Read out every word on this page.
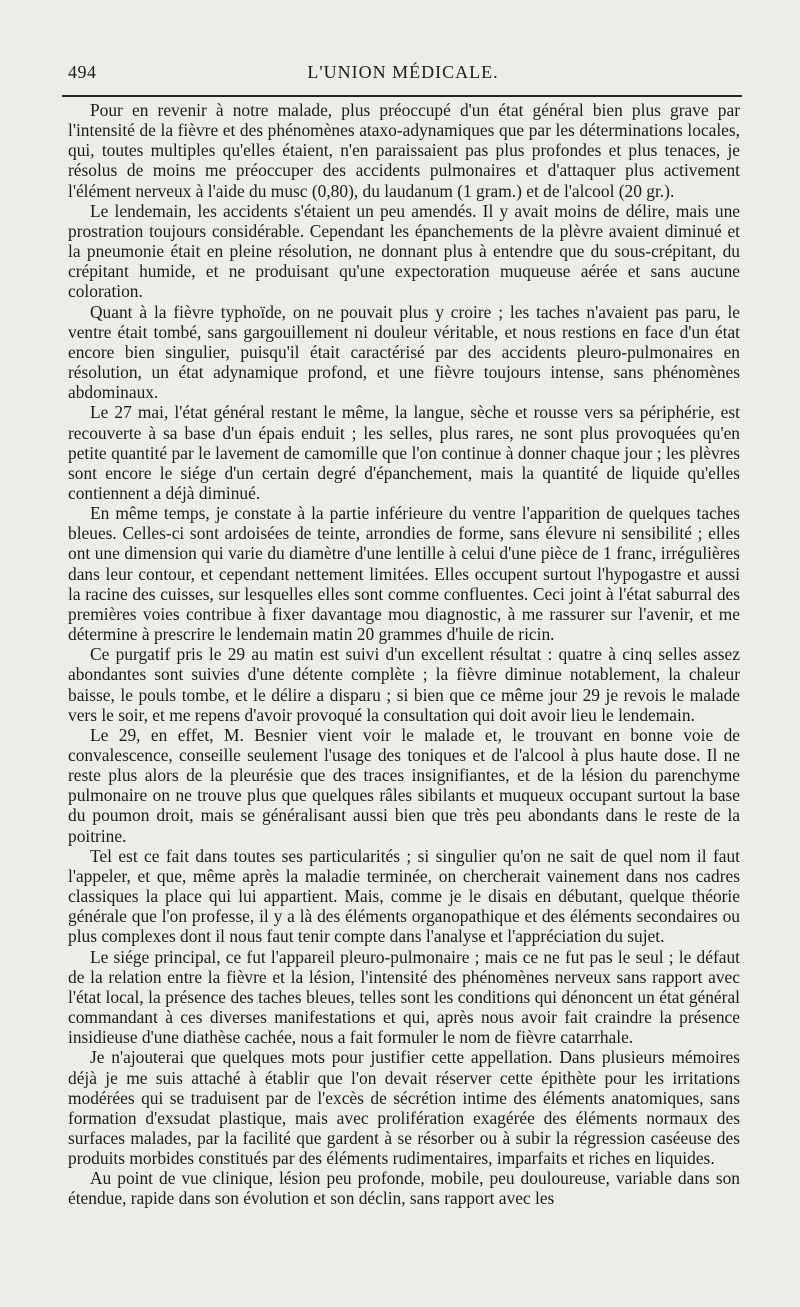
494	L'UNION MÉDICALE.

Pour en revenir à notre malade, plus préoccupé d'un état général bien plus grave par l'intensité de la fièvre et des phénomènes ataxo-adynamiques que par les déterminations locales, qui, toutes multiples qu'elles étaient, n'en paraissaient pas plus profondes et plus tenaces, je résolus de moins me préoccuper des accidents pulmonaires et d'attaquer plus activement l'élément nerveux à l'aide du musc (0,80), du laudanum (1 gram.) et de l'alcool (20 gr.).

Le lendemain, les accidents s'étaient un peu amendés. Il y avait moins de délire, mais une prostration toujours considérable. Cependant les épanchements de la plèvre avaient diminué et la pneumonie était en pleine résolution, ne donnant plus à entendre que du sous-crépitant, du crépitant humide, et ne produisant qu'une expectoration muqueuse aérée et sans aucune coloration.

Quant à la fièvre typhoïde, on ne pouvait plus y croire ; les taches n'avaient pas paru, le ventre était tombé, sans gargouillement ni douleur véritable, et nous restions en face d'un état encore bien singulier, puisqu'il était caractérisé par des accidents pleuro-pulmonaires en résolution, un état adynamique profond, et une fièvre toujours intense, sans phénomènes abdominaux.

Le 27 mai, l'état général restant le même, la langue, sèche et rousse vers sa périphérie, est recouverte à sa base d'un épais enduit ; les selles, plus rares, ne sont plus provoquées qu'en petite quantité par le lavement de camomille que l'on continue à donner chaque jour ; les plèvres sont encore le siége d'un certain degré d'épanchement, mais la quantité de liquide qu'elles contiennent a déjà diminué.

En même temps, je constate à la partie inférieure du ventre l'apparition de quelques taches bleues. Celles-ci sont ardoisées de teinte, arrondies de forme, sans élevure ni sensibilité ; elles ont une dimension qui varie du diamètre d'une lentille à celui d'une pièce de 1 franc, irrégulières dans leur contour, et cependant nettement limitées. Elles occupent surtout l'hypogastre et aussi la racine des cuisses, sur lesquelles elles sont comme confluentes. Ceci joint à l'état saburral des premières voies contribue à fixer davantage mou diagnostic, à me rassurer sur l'avenir, et me détermine à prescrire le lendemain matin 20 grammes d'huile de ricin.

Ce purgatif pris le 29 au matin est suivi d'un excellent résultat : quatre à cinq selles assez abondantes sont suivies d'une détente complète ; la fièvre diminue notablement, la chaleur baisse, le pouls tombe, et le délire a disparu ; si bien que ce même jour 29 je revois le malade vers le soir, et me repens d'avoir provoqué la consultation qui doit avoir lieu le lendemain.

Le 29, en effet, M. Besnier vient voir le malade et, le trouvant en bonne voie de convalescence, conseille seulement l'usage des toniques et de l'alcool à plus haute dose. Il ne reste plus alors de la pleurésie que des traces insignifiantes, et de la lésion du parenchyme pulmonaire on ne trouve plus que quelques râles sibilants et muqueux occupant surtout la base du poumon droit, mais se généralisant aussi bien que très peu abondants dans le reste de la poitrine.

Tel est ce fait dans toutes ses particularités ; si singulier qu'on ne sait de quel nom il faut l'appeler, et que, même après la maladie terminée, on chercherait vainement dans nos cadres classiques la place qui lui appartient. Mais, comme je le disais en débutant, quelque théorie générale que l'on professe, il y a là des éléments organopathique et des éléments secondaires ou plus complexes dont il nous faut tenir compte dans l'analyse et l'appréciation du sujet.

Le siége principal, ce fut l'appareil pleuro-pulmonaire ; mais ce ne fut pas le seul ; le défaut de la relation entre la fièvre et la lésion, l'intensité des phénomènes nerveux sans rapport avec l'état local, la présence des taches bleues, telles sont les conditions qui dénoncent un état général commandant à ces diverses manifestations et qui, après nous avoir fait craindre la présence insidieuse d'une diathèse cachée, nous a fait formuler le nom de fièvre catarrhale.

Je n'ajouterai que quelques mots pour justifier cette appellation. Dans plusieurs mémoires déjà je me suis attaché à établir que l'on devait réserver cette épithète pour les irritations modérées qui se traduisent par de l'excès de sécrétion intime des éléments anatomiques, sans formation d'exsudat plastique, mais avec prolifération exagérée des éléments normaux des surfaces malades, par la facilité que gardent à se résorber ou à subir la régression caséeuse des produits morbides constitués par des éléments rudimentaires, imparfaits et riches en liquides.

Au point de vue clinique, lésion peu profonde, mobile, peu douloureuse, variable dans son étendue, rapide dans son évolution et son déclin, sans rapport avec les
